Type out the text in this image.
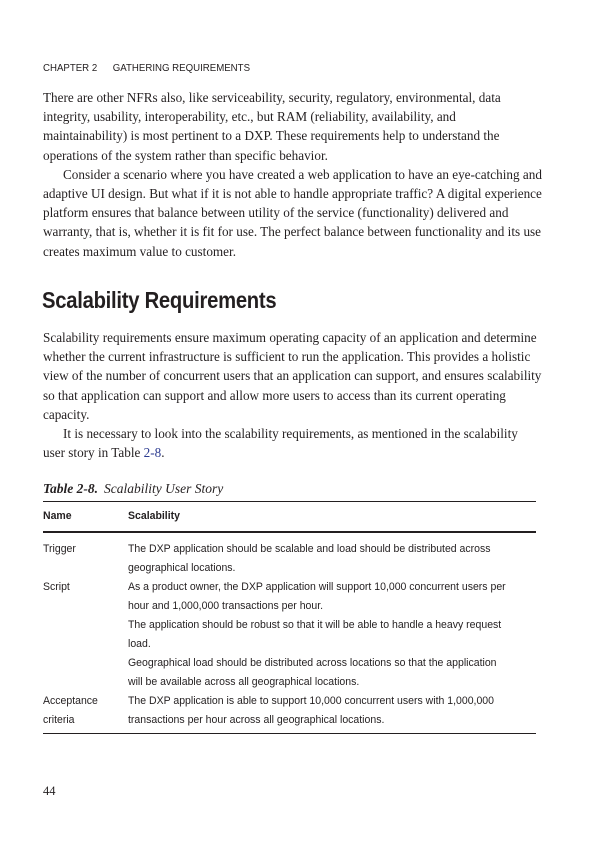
CHAPTER 2 GATHERING REQUIREMENTS

There are other NFRs also, like serviceability, security, regulatory, environmental, data integrity, usability, interoperability, etc., but RAM (reliability, availability, and maintainability) is most pertinent to a DXP. These requirements help to understand the operations of the system rather than specific behavior.

Consider a scenario where you have created a web application to have an eye-catching and adaptive UI design. But what if it is not able to handle appropriate traffic? A digital experience platform ensures that balance between utility of the service (functionality) delivered and warranty, that is, whether it is fit for use. The perfect balance between functionality and its use creates maximum value to customer.

Scalability Requirements

Scalability requirements ensure maximum operating capacity of an application and determine whether the current infrastructure is sufficient to run the application. This provides a holistic view of the number of concurrent users that an application can support, and ensures scalability so that application can support and allow more users to access than its current operating capacity.

It is necessary to look into the scalability requirements, as mentioned in the scalability user story in Table 2-8.

Table 2-8. Scalability User Story
Name	Scalability
Trigger	The DXP application should be scalable and load should be distributed across
geographical locations.

Script	As a product owner, the DXP application will support 10,000 concurrent users per
hour and 1,000,000 transactions per hour.
The application should be robust so that it will be able to handle a heavy request
load.
Geographical load should be distributed across locations so that the application
will be available across all geographical locations.

Acceptance
criteria	The DXP application is able to support 10,000 concurrent users with 1,000,000
transactions per hour across all geographical locations.
44
